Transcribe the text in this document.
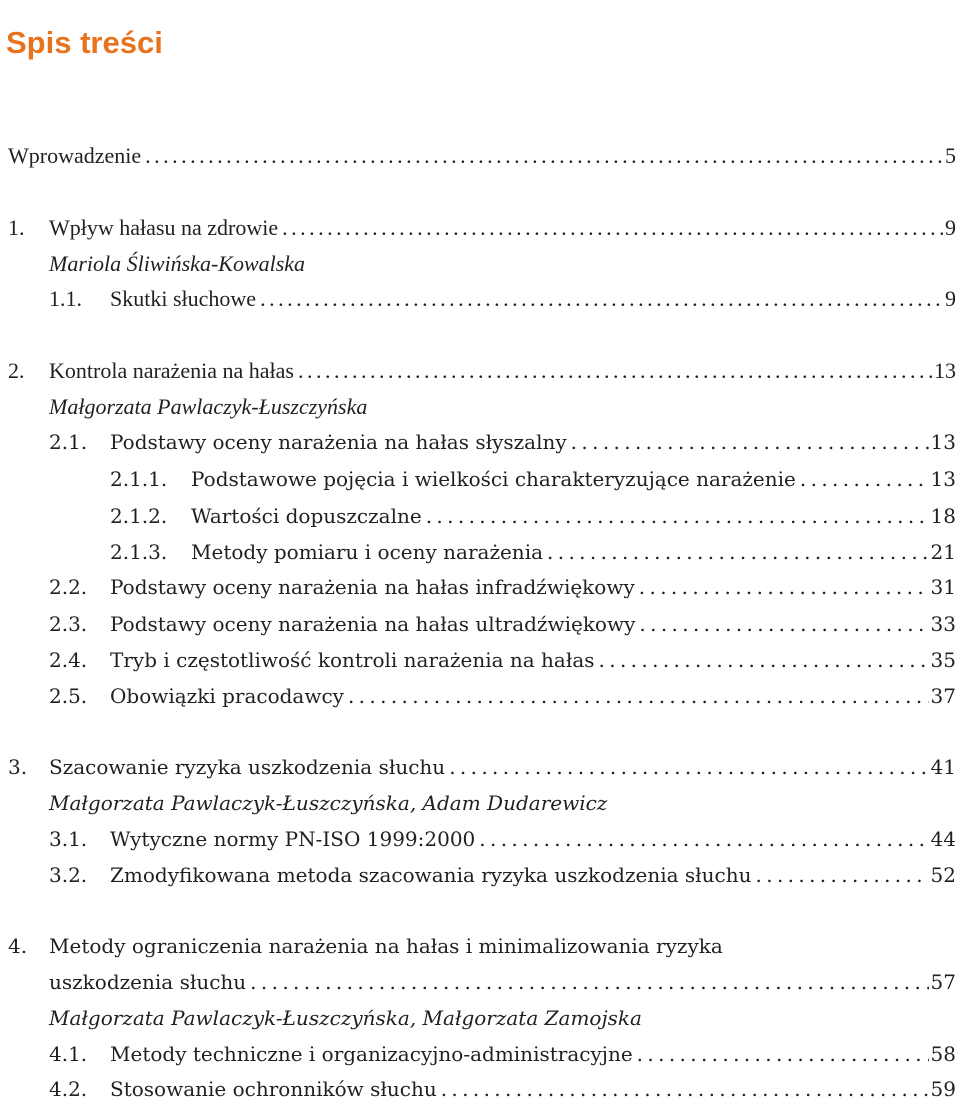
Spis treści
Wprowadzenie . . .	5
1. Wpływ hałasu na zdrowie . . .	9
Mariola Śliwińska-Kowalska
1.1. Skutki słuchowe . . .	9
2. Kontrola narażenia na hałas . . .	13
Małgorzata Pawlaczyk-Łuszczyńska
2.1. Podstawy oceny narażenia na hałas słyszalny . . .	13
2.1.1. Podstawowe pojęcia i wielkości charakteryzujące narażenie . . .	13
2.1.2. Wartości dopuszczalne . . .	18
2.1.3. Metody pomiaru i oceny narażenia . . .	21
2.2. Podstawy oceny narażenia na hałas infradźwiękowy . . .	31
2.3. Podstawy oceny narażenia na hałas ultradźwiękowy . . .	33
2.4. Tryb i częstotliwość kontroli narażenia na hałas . . .	35
2.5. Obowiązki pracodawcy . . .	37
3. Szacowanie ryzyka uszkodzenia słuchu . . .	41
Małgorzata Pawlaczyk-Łuszczyńska, Adam Dudarewicz
3.1. Wytyczne normy PN-ISO 1999:2000 . . .	44
3.2. Zmodyfikowana metoda szacowania ryzyka uszkodzenia słuchu . . .	52
4. Metody ograniczenia narażenia na hałas i minimalizowania ryzyka
uszkodzenia słuchu . . .	57
Małgorzata Pawlaczyk-Łuszczyńska, Małgorzata Zamojska
4.1. Metody techniczne i organizacyjno-administracyjne . . .	58
4.2. Stosowanie ochronników słuchu . . .	59
